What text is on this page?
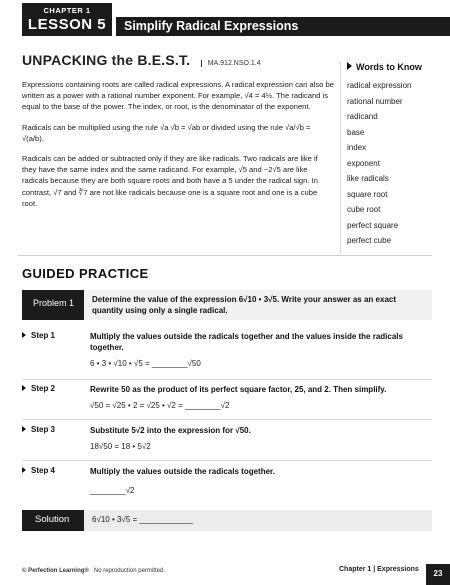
CHAPTER 1
LESSON 5	Simplify Radical Expressions
UNPACKING the B.E.S.T. MA.912.NSO.1.4

Expressions containing roots are called radical expressions. A radical expression can also be written as a power with a rational number exponent. For example, √4 = 4½. The radicand is equal to the base of the power. The index, or root, is the denominator of the exponent.

Radicals can be multiplied using the rule √a √b = √ab or divided using the rule √a/√b = √(a/b).

Radicals can be added or subtracted only if they are like radicals. Two radicals are like if they have the same index and the same radicand. For example, √5 and −2√5 are like radicals because they are both square roots and both have a 5 under the radical sign. In contrast, √7 and ∛7 are not like radicals because one is a square root and one is a cube root.

Words to Know
radical expression
rational number
radicand
base
index
exponent
like radicals
square root
cube root
perfect square
perfect cube
GUIDED PRACTICE
Problem 1	Determine the value of the expression 6√10 • 3√5. Write your answer as an exact quantity using only a single radical.
Step 1	Multiply the values outside the radicals together and the values inside the radicals together.
6 • 3 • √10 • √5 = ________√50
Step 2	Rewrite 50 as the product of its perfect square factor, 25, and 2. Then simplify.
√50 = √25 • 2 = √25 • √2 = ________√2
Step 3	Substitute 5√2 into the expression for √50.
18√50 = 18 • 5√2
Step 4	Multiply the values outside the radicals together.
________√2
Solution	6√10 • 3√5 = ____________
© Perfection Learning® No reproduction permitted.	Chapter 1 | Expressions	23
